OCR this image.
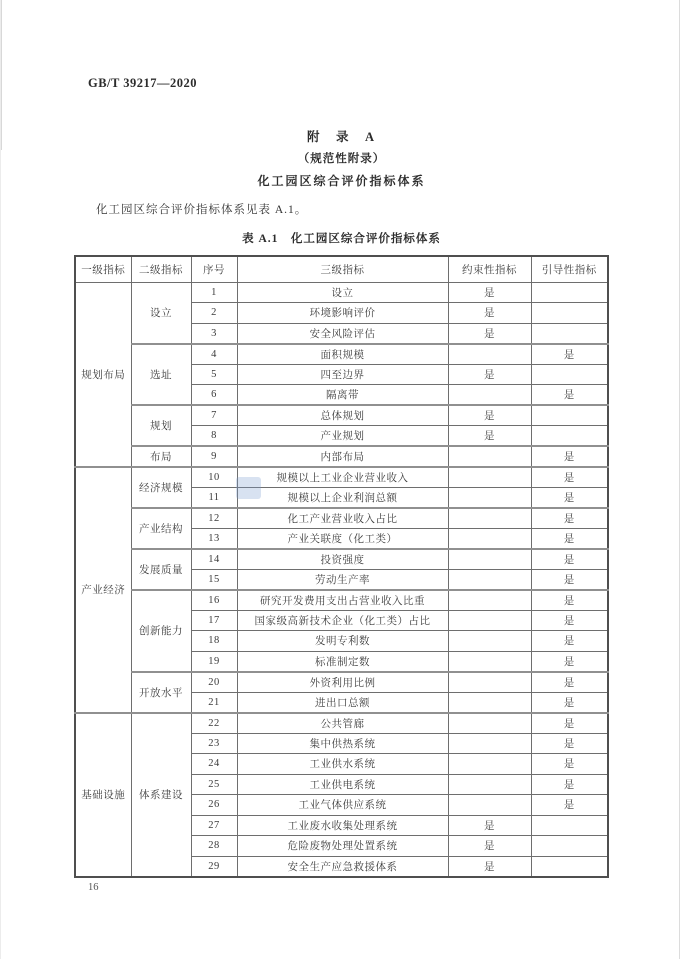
GB/T 39217—2020
附　录　A
（规范性附录）
化工园区综合评价指标体系
化工园区综合评价指标体系见表 A.1。
表 A.1　化工园区综合评价指标体系
一级指标	二级指标	序号	三级指标	约束性指标	引导性指标
规划布局	设立	1	设立	是	
		2	环境影响评价	是	
		3	安全风险评估	是	
	选址	4	面积规模		是
		5	四至边界	是	
		6	隔离带		是
	规划	7	总体规划	是	
		8	产业规划	是	
	布局	9	内部布局		是
产业经济	经济规模	10	规模以上工业企业营业收入		是
		11	规模以上企业利润总额		是
	产业结构	12	化工产业营业收入占比		是
		13	产业关联度（化工类）		是
	发展质量	14	投资强度		是
		15	劳动生产率		是
	创新能力	16	研究开发费用支出占营业收入比重		是
		17	国家级高新技术企业（化工类）占比		是
		18	发明专利数		是
		19	标准制定数		是
	开放水平	20	外资利用比例		是
		21	进出口总额		是
基础设施	体系建设	22	公共管廊		是
		23	集中供热系统		是
		24	工业供水系统		是
		25	工业供电系统		是
		26	工业气体供应系统		是
		27	工业废水收集处理系统	是	
		28	危险废物处理处置系统	是	
		29	安全生产应急救援体系	是	
16
